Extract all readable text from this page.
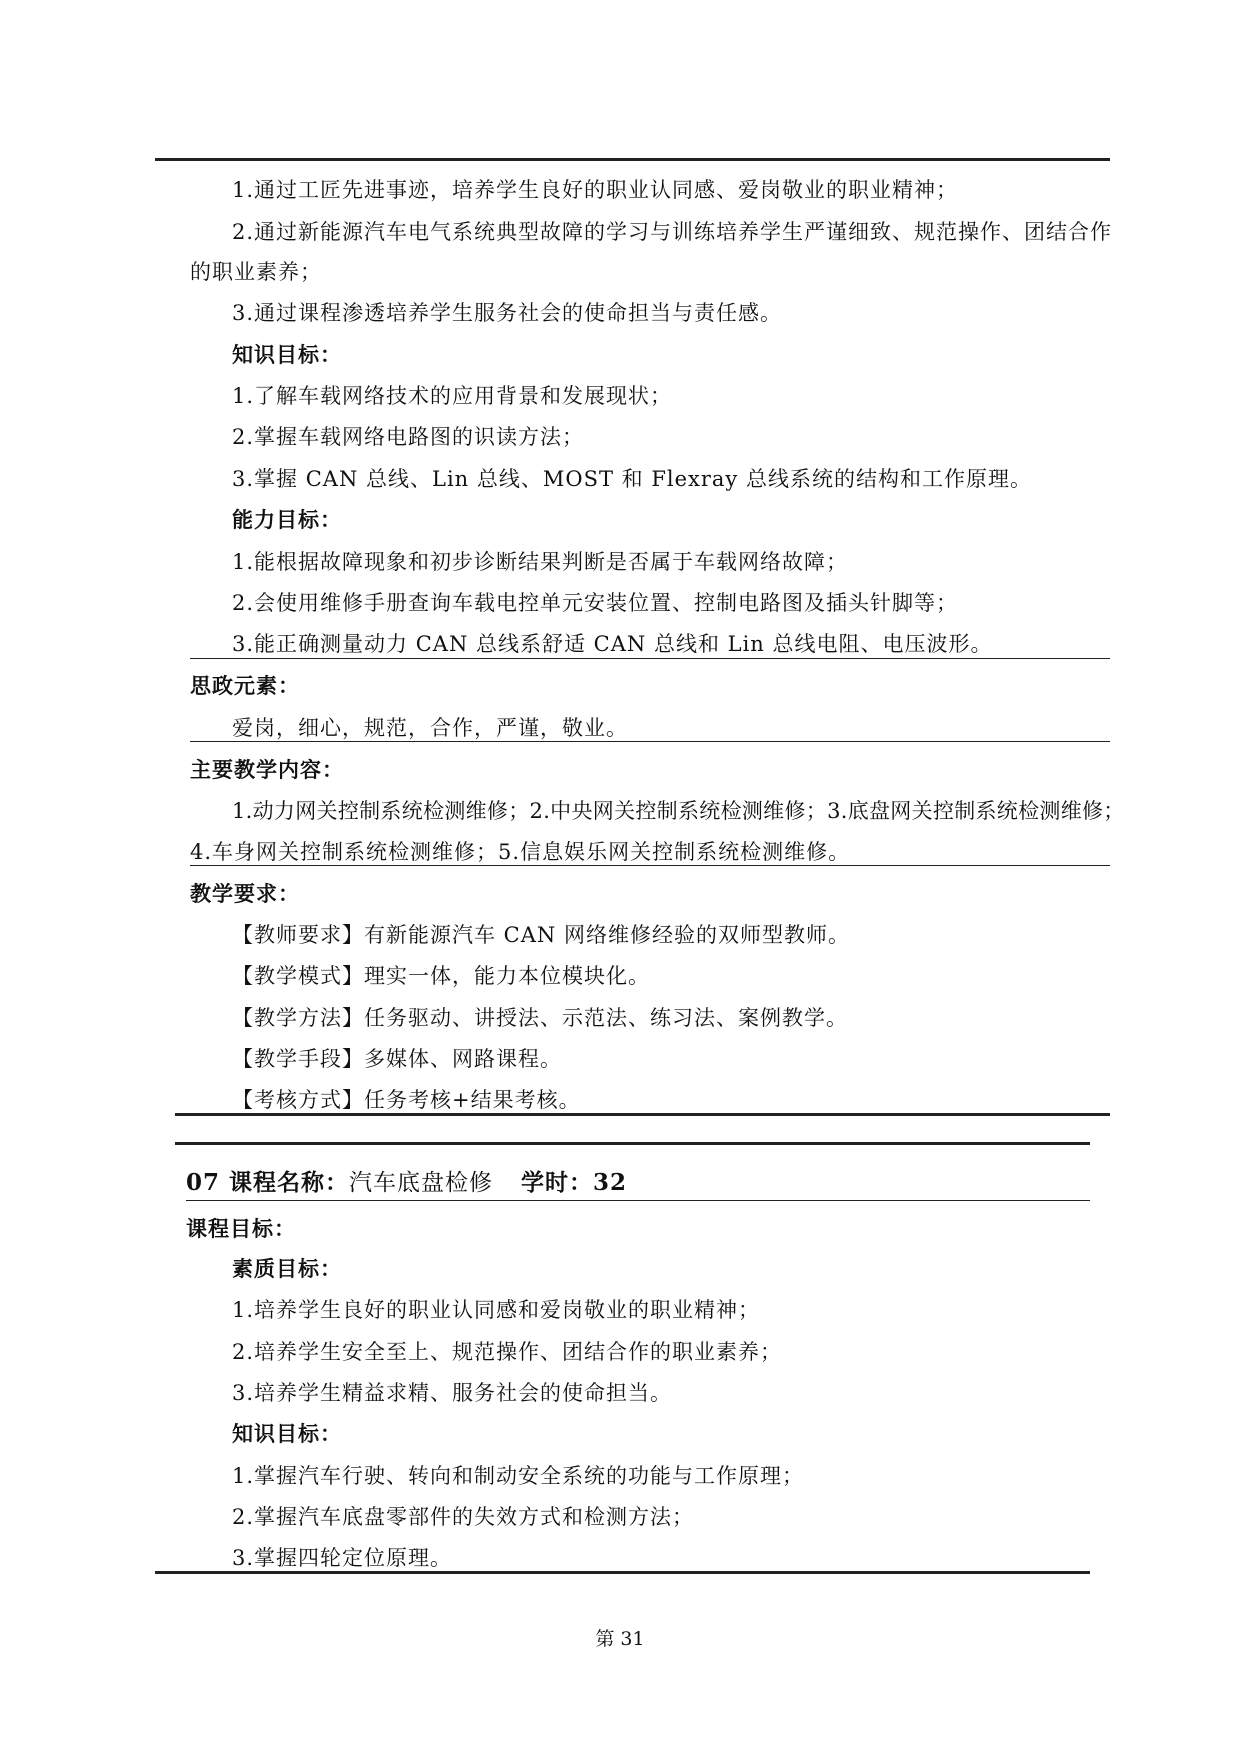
1.通过工匠先进事迹，培养学生良好的职业认同感、爱岗敬业的职业精神；
2.通过新能源汽车电气系统典型故障的学习与训练培养学生严谨细致、规范操作、团结合作
的职业素养；
3.通过课程渗透培养学生服务社会的使命担当与责任感。
知识目标：
1.了解车载网络技术的应用背景和发展现状；
2.掌握车载网络电路图的识读方法；
3.掌握 CAN 总线、Lin 总线、MOST 和 Flexray 总线系统的结构和工作原理。
能力目标：
1.能根据故障现象和初步诊断结果判断是否属于车载网络故障；
2.会使用维修手册查询车载电控单元安装位置、控制电路图及插头针脚等；
3.能正确测量动力 CAN 总线系舒适 CAN 总线和 Lin 总线电阻、电压波形。
思政元素：
爱岗，细心，规范，合作，严谨，敬业。
主要教学内容：
1.动力网关控制系统检测维修；2.中央网关控制系统检测维修；3.底盘网关控制系统检测维修；
4.车身网关控制系统检测维修；5.信息娱乐网关控制系统检测维修。
教学要求：
【教师要求】有新能源汽车 CAN 网络维修经验的双师型教师。
【教学模式】理实一体，能力本位模块化。
【教学方法】任务驱动、讲授法、示范法、练习法、案例教学。
【教学手段】多媒体、网路课程。
【考核方式】任务考核+结果考核。
07 课程名称：汽车底盘检修 学时：32
课程目标：
素质目标：
1.培养学生良好的职业认同感和爱岗敬业的职业精神；
2.培养学生安全至上、规范操作、团结合作的职业素养；
3.培养学生精益求精、服务社会的使命担当。
知识目标：
1.掌握汽车行驶、转向和制动安全系统的功能与工作原理；
2.掌握汽车底盘零部件的失效方式和检测方法；
3.掌握四轮定位原理。
第 31
